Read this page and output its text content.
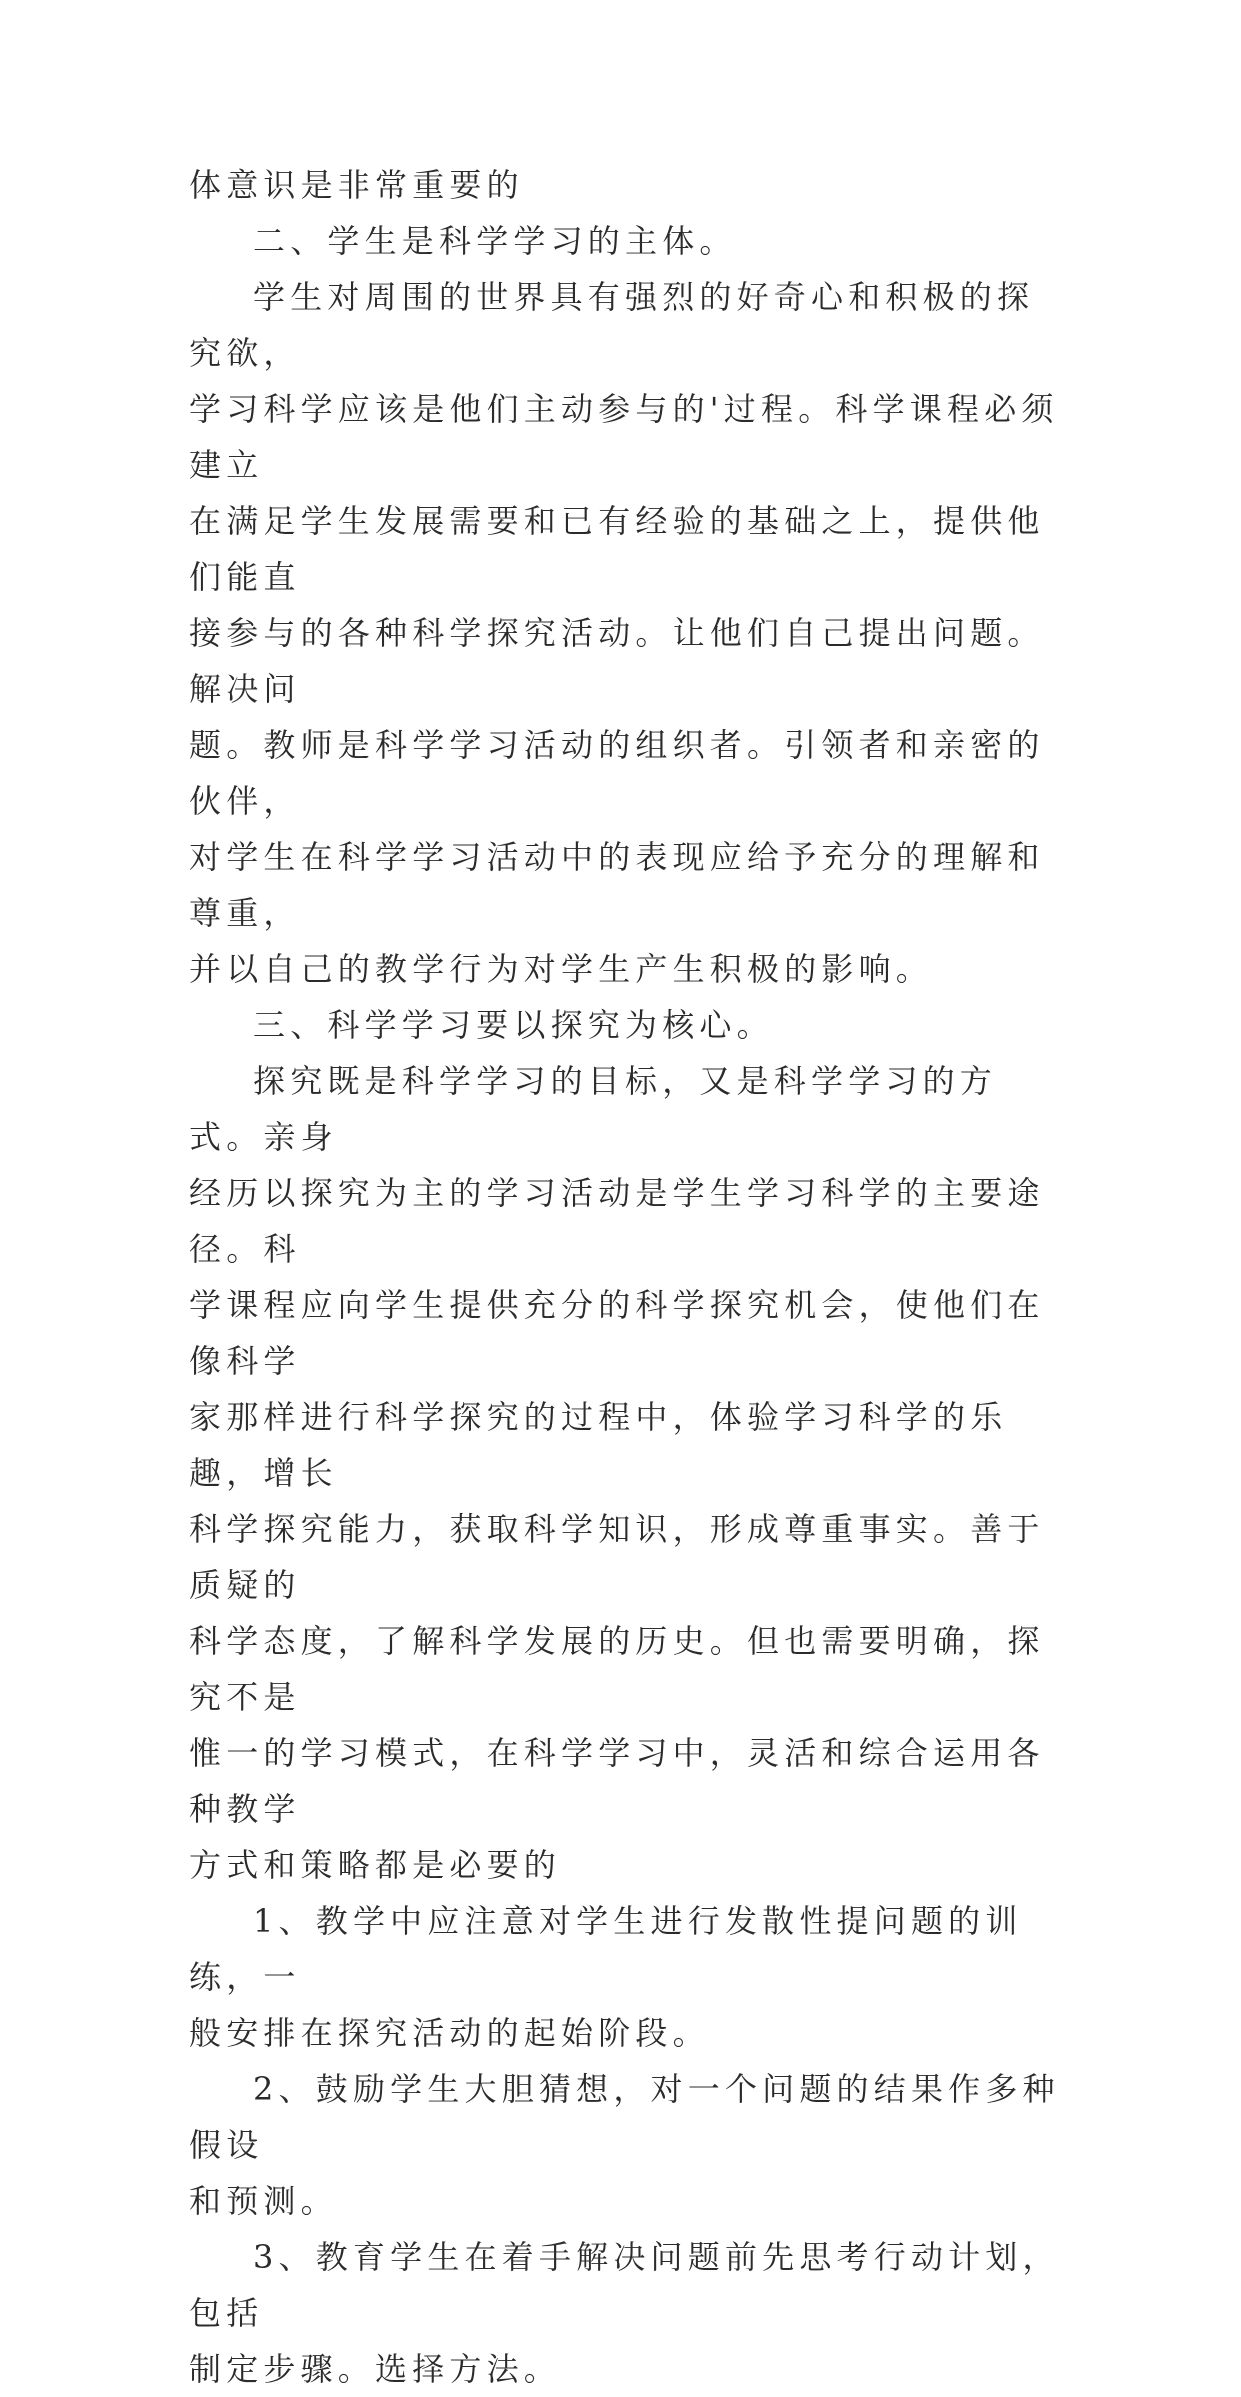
体意识是非常重要的

二、学生是科学学习的主体。

学生对周围的世界具有强烈的好奇心和积极的探究欲，
学习科学应该是他们主动参与的'过程。科学课程必须建立
在满足学生发展需要和已有经验的基础之上，提供他们能直
接参与的各种科学探究活动。让他们自己提出问题。解决问
题。教师是科学学习活动的组织者。引领者和亲密的伙伴，
对学生在科学学习活动中的表现应给予充分的理解和尊重，
并以自己的教学行为对学生产生积极的影响。

三、科学学习要以探究为核心。

探究既是科学学习的目标，又是科学学习的方式。亲身
经历以探究为主的学习活动是学生学习科学的主要途径。科
学课程应向学生提供充分的科学探究机会，使他们在像科学
家那样进行科学探究的过程中，体验学习科学的乐趣，增长
科学探究能力，获取科学知识，形成尊重事实。善于质疑的
科学态度，了解科学发展的历史。但也需要明确，探究不是
惟一的学习模式，在科学学习中，灵活和综合运用各种教学
方式和策略都是必要的

1、教学中应注意对学生进行发散性提问题的训练，一
般安排在探究活动的起始阶段。

2、鼓励学生大胆猜想，对一个问题的结果作多种假设
和预测。

3、教育学生在着手解决问题前先思考行动计划，包括
制定步骤。选择方法。
